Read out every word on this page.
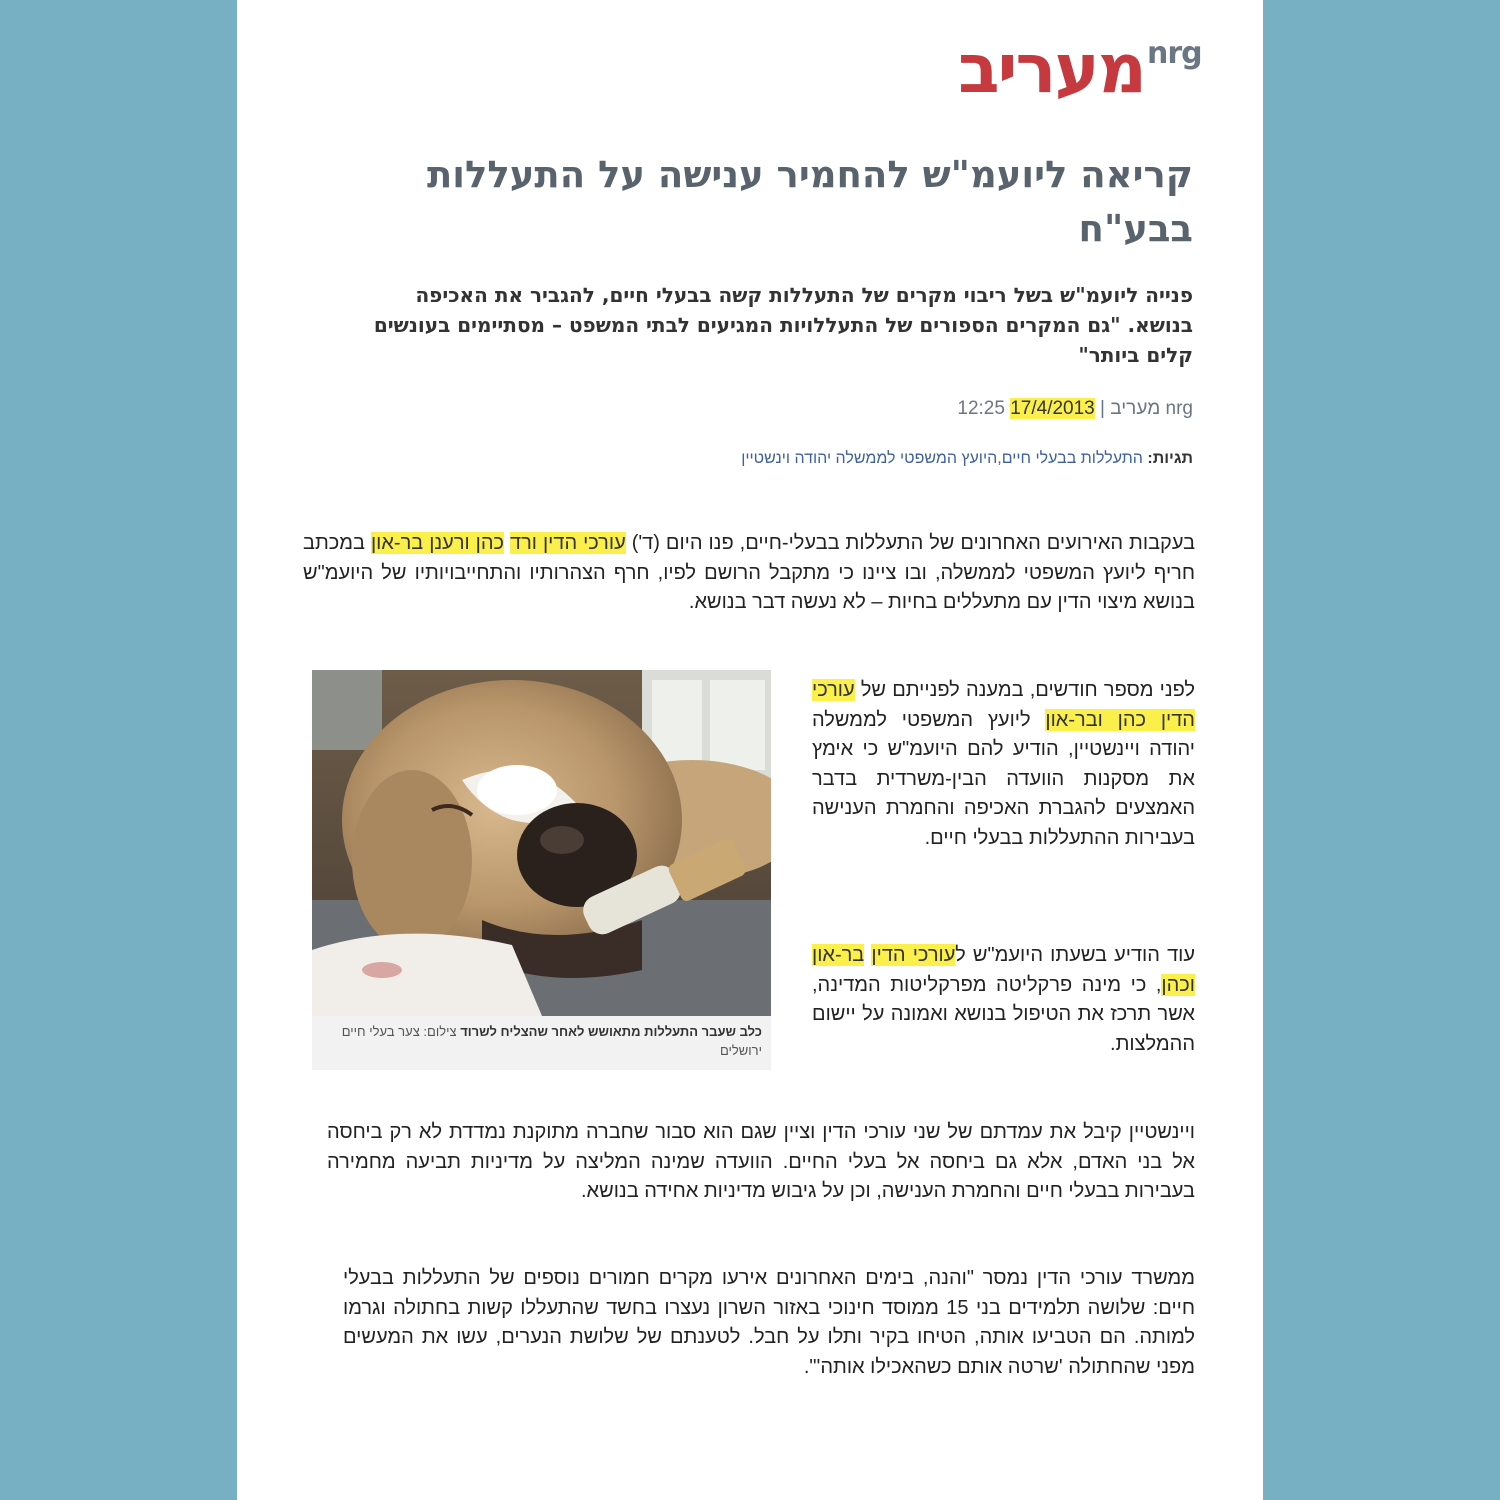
מעריב nrg
קריאה ליועמ"ש להחמיר ענישה על התעללות בבע"ח

פנייה ליועמ"ש בשל ריבוי מקרים של התעללות קשה בבעלי חיים, להגביר את האכיפה בנושא. "גם המקרים הספורים של התעללויות המגיעים לבתי המשפט – מסתיימים בעונשים קלים ביותר"

nrg מעריב | 17/4/2013 12:25
תגיות: התעללות בבעלי חיים,היועץ המשפטי לממשלה יהודה וינשטיין

בעקבות האירועים האחרונים של התעללות בבעלי-חיים, פנו היום (ד') עורכי הדין ורד כהן ורענן בר-און במכתב חריף ליועץ המשפטי לממשלה, ובו ציינו כי מתקבל הרושם לפיו, חרף הצהרותיו והתחייבויותיו של היועמ"ש בנושא מיצוי הדין עם מתעללים בחיות – לא נעשה דבר בנושא.

כלב שעבר התעללות מתאושש לאחר שהצליח לשרוד צילום: צער בעלי חיים ירושלים

לפני מספר חודשים, במענה לפנייתם של עורכי הדין כהן ובר-און ליועץ המשפטי לממשלה יהודה ויינשטיין, הודיע להם היועמ"ש כי אימץ את מסקנות הוועדה הבין-משרדית בדבר האמצעים להגברת האכיפה והחמרת הענישה בעבירות ההתעללות בבעלי חיים.

עוד הודיע בשעתו היועמ"ש לעורכי הדין בר-און וכהן, כי מינה פרקליטה מפרקליטות המדינה, אשר תרכז את הטיפול בנושא ואמונה על יישום ההמלצות.

ויינשטיין קיבל את עמדתם של שני עורכי הדין וציין שגם הוא סבור שחברה מתוקנת נמדדת לא רק ביחסה אל בני האדם, אלא גם ביחסה אל בעלי החיים. הוועדה שמינה המליצה על מדיניות תביעה מחמירה בעבירות בבעלי חיים והחמרת הענישה, וכן על גיבוש מדיניות אחידה בנושא.

ממשרד עורכי הדין נמסר "והנה, בימים האחרונים אירעו מקרים חמורים נוספים של התעללות בבעלי חיים: שלושה תלמידים בני 15 ממוסד חינוכי באזור השרון נעצרו בחשד שהתעללו קשות בחתולה וגרמו למותה. הם הטביעו אותה, הטיחו בקיר ותלו על חבל. לטענתם של שלושת הנערים, עשו את המעשים מפני שהחתולה 'שרטה אותם כשהאכילו אותה'".
